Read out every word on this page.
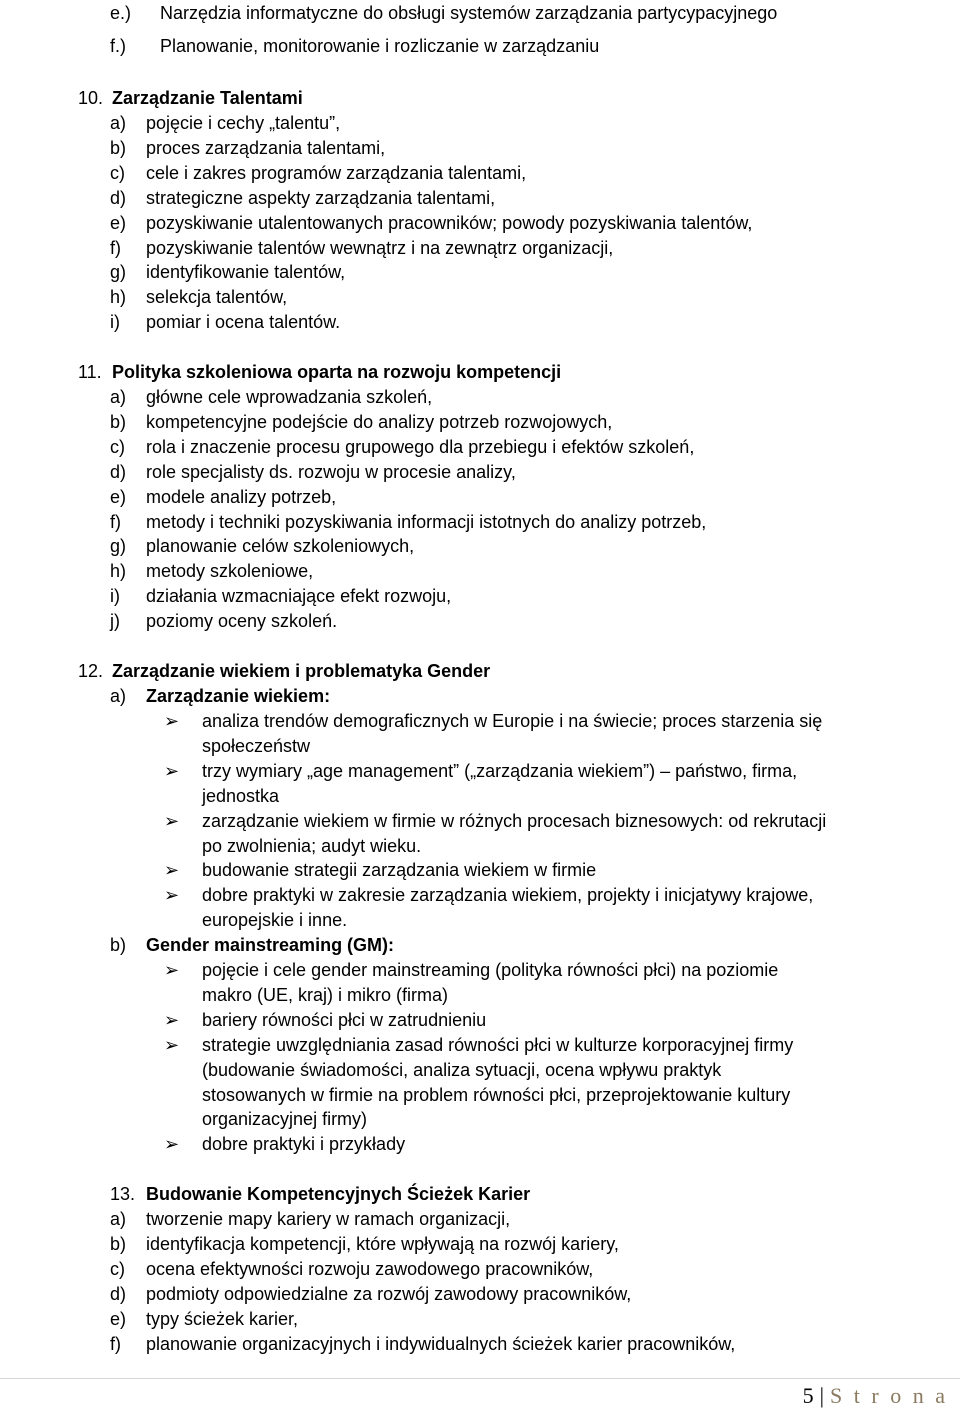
e.) Narzędzia informatyczne do obsługi systemów zarządzania partycypacyjnego
f.) Planowanie, monitorowanie i rozliczanie w zarządzaniu
10. Zarządzanie Talentami
a) pojęcie i cechy „talentu”,
b) proces zarządzania talentami,
c) cele i zakres programów zarządzania talentami,
d) strategiczne aspekty zarządzania talentami,
e) pozyskiwanie utalentowanych pracowników; powody pozyskiwania talentów,
f) pozyskiwanie talentów wewnątrz i na zewnątrz organizacji,
g) identyfikowanie talentów,
h) selekcja talentów,
i) pomiar i ocena talentów.
11. Polityka szkoleniowa oparta na rozwoju kompetencji
a) główne cele wprowadzania szkoleń,
b) kompetencyjne podejście do analizy potrzeb rozwojowych,
c) rola i znaczenie procesu grupowego dla przebiegu i efektów szkoleń,
d) role specjalisty ds. rozwoju w procesie analizy,
e) modele analizy potrzeb,
f) metody i techniki pozyskiwania informacji istotnych do analizy potrzeb,
g) planowanie celów szkoleniowych,
h) metody szkoleniowe,
i) działania wzmacniające efekt rozwoju,
j) poziomy oceny szkoleń.
12. Zarządzanie wiekiem i problematyka Gender
a) Zarządzanie wiekiem:
➢ analiza trendów demograficznych w Europie i na świecie; proces starzenia się
społeczeństw
➢ trzy wymiary „age management” („zarządzania wiekiem”) – państwo, firma,
jednostka
➢ zarządzanie wiekiem w firmie w różnych procesach biznesowych: od rekrutacji
po zwolnienia; audyt wieku.
➢ budowanie strategii zarządzania wiekiem w firmie
➢ dobre praktyki w zakresie zarządzania wiekiem, projekty i inicjatywy krajowe,
europejskie i inne.
b) Gender mainstreaming (GM):
➢ pojęcie i cele gender mainstreaming (polityka równości płci) na poziomie
makro (UE, kraj) i mikro (firma)
➢ bariery równości płci w zatrudnieniu
➢ strategie uwzględniania zasad równości płci w kulturze korporacyjnej firmy
(budowanie świadomości, analiza sytuacji, ocena wpływu praktyk
stosowanych w firmie na problem równości płci, przeprojektowanie kultury
organizacyjnej firmy)
➢ dobre praktyki i przykłady
13. Budowanie Kompetencyjnych Ścieżek Karier
a) tworzenie mapy kariery w ramach organizacji,
b) identyfikacja kompetencji, które wpływają na rozwój kariery,
c) ocena efektywności rozwoju zawodowego pracowników,
d) podmioty odpowiedzialne za rozwój zawodowy pracowników,
e) typy ścieżek karier,
f) planowanie organizacyjnych i indywidualnych ścieżek karier pracowników,
5 | S t r o n a
